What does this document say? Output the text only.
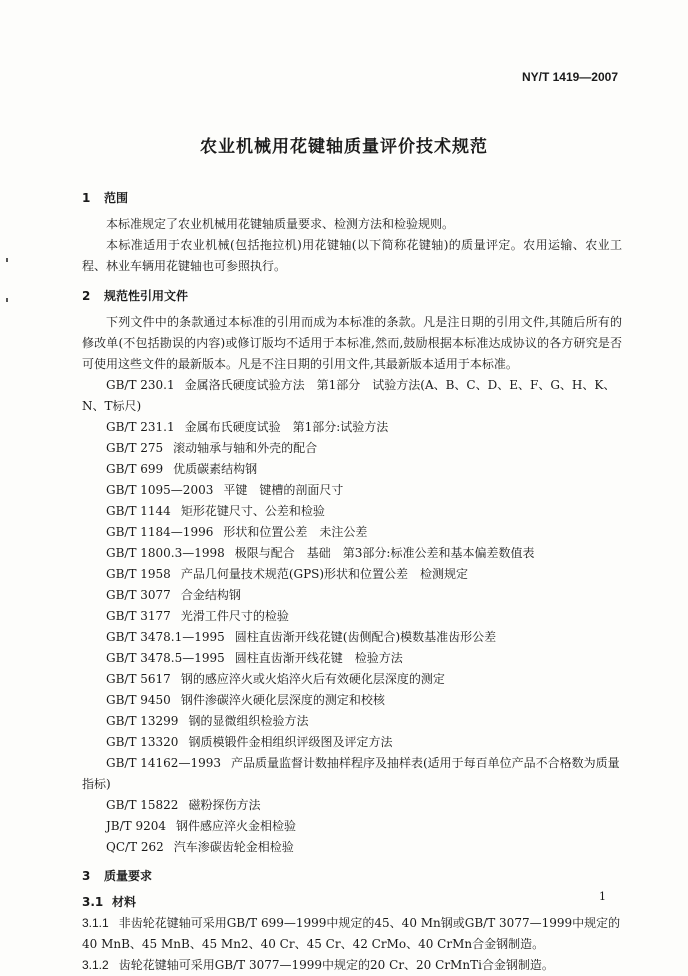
NY/T 1419—2007
农业机械用花键轴质量评价技术规范
1 范围

本标准规定了农业机械用花键轴质量要求、检测方法和检验规则。

本标准适用于农业机械(包括拖拉机)用花键轴(以下简称花键轴)的质量评定。农用运输、农业工程、林业车辆用花键轴也可参照执行。

2 规范性引用文件

下列文件中的条款通过本标准的引用而成为本标准的条款。凡是注日期的引用文件,其随后所有的修改单(不包括勘误的内容)或修订版均不适用于本标准,然而,鼓励根据本标准达成协议的各方研究是否可使用这些文件的最新版本。凡是不注日期的引用文件,其最新版本适用于本标准。

GB/T 230.1 金属洛氏硬度试验方法　第1部分　试验方法(A、B、C、D、E、F、G、H、K、N、T标尺)
GB/T 231.1 金属布氏硬度试验　第1部分:试验方法
GB/T 275 滚动轴承与轴和外壳的配合
GB/T 699 优质碳素结构钢
GB/T 1095—2003 平键　键槽的剖面尺寸
GB/T 1144 矩形花键尺寸、公差和检验
GB/T 1184—1996 形状和位置公差　未注公差
GB/T 1800.3—1998 极限与配合　基础　第3部分:标准公差和基本偏差数值表
GB/T 1958 产品几何量技术规范(GPS)形状和位置公差　检测规定
GB/T 3077 合金结构钢
GB/T 3177 光滑工件尺寸的检验
GB/T 3478.1—1995 圆柱直齿渐开线花键(齿侧配合)模数基准齿形公差
GB/T 3478.5—1995 圆柱直齿渐开线花键　检验方法
GB/T 5617 钢的感应淬火或火焰淬火后有效硬化层深度的测定
GB/T 9450 钢件渗碳淬火硬化层深度的测定和校核
GB/T 13299 钢的显微组织检验方法
GB/T 13320 钢质模锻件金相组织评级图及评定方法
GB/T 14162—1993 产品质量监督计数抽样程序及抽样表(适用于每百单位产品不合格数为质量指标)
GB/T 15822 磁粉探伤方法
JB/T 9204 钢件感应淬火金相检验
QC/T 262 汽车渗碳齿轮金相检验
3 质量要求
3.1 材料

3.1.1 非齿轮花键轴可采用GB/T 699—1999中规定的45、40 Mn钢或GB/T 3077—1999中规定的40 MnB、45 MnB、45 Mn2、40 Cr、45 Cr、42 CrMo、40 CrMn合金钢制造。

3.1.2 齿轮花键轴可采用GB/T 3077—1999中规定的20 Cr、20 CrMnTi合金钢制造。

1
